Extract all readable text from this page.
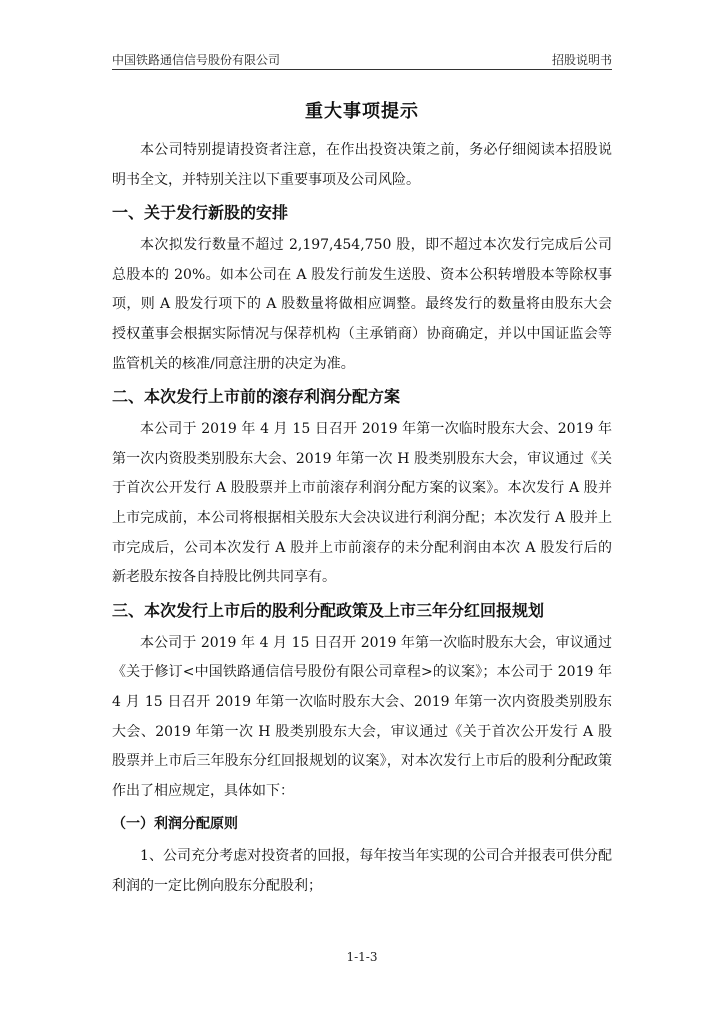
中国铁路通信信号股份有限公司	招股说明书
重大事项提示

本公司特别提请投资者注意，在作出投资决策之前，务必仔细阅读本招股说明书全文，并特别关注以下重要事项及公司风险。

一、关于发行新股的安排

本次拟发行数量不超过 2,197,454,750 股，即不超过本次发行完成后公司总股本的 20%。如本公司在 A 股发行前发生送股、资本公积转增股本等除权事项，则 A 股发行项下的 A 股数量将做相应调整。最终发行的数量将由股东大会授权董事会根据实际情况与保荐机构（主承销商）协商确定，并以中国证监会等监管机关的核准/同意注册的决定为准。

二、本次发行上市前的滚存利润分配方案

本公司于 2019 年 4 月 15 日召开 2019 年第一次临时股东大会、2019 年第一次内资股类别股东大会、2019 年第一次 H 股类别股东大会，审议通过《关于首次公开发行 A 股股票并上市前滚存利润分配方案的议案》。本次发行 A 股并上市完成前，本公司将根据相关股东大会决议进行利润分配；本次发行 A 股并上市完成后，公司本次发行 A 股并上市前滚存的未分配利润由本次 A 股发行后的新老股东按各自持股比例共同享有。

三、本次发行上市后的股利分配政策及上市三年分红回报规划

本公司于 2019 年 4 月 15 日召开 2019 年第一次临时股东大会，审议通过《关于修订<中国铁路通信信号股份有限公司章程>的议案》；本公司于 2019 年 4 月 15 日召开 2019 年第一次临时股东大会、2019 年第一次内资股类别股东大会、2019 年第一次 H 股类别股东大会，审议通过《关于首次公开发行 A 股股票并上市后三年股东分红回报规划的议案》，对本次发行上市后的股利分配政策作出了相应规定，具体如下：

（一）利润分配原则

1、公司充分考虑对投资者的回报，每年按当年实现的公司合并报表可供分配利润的一定比例向股东分配股利；

1-1-3
